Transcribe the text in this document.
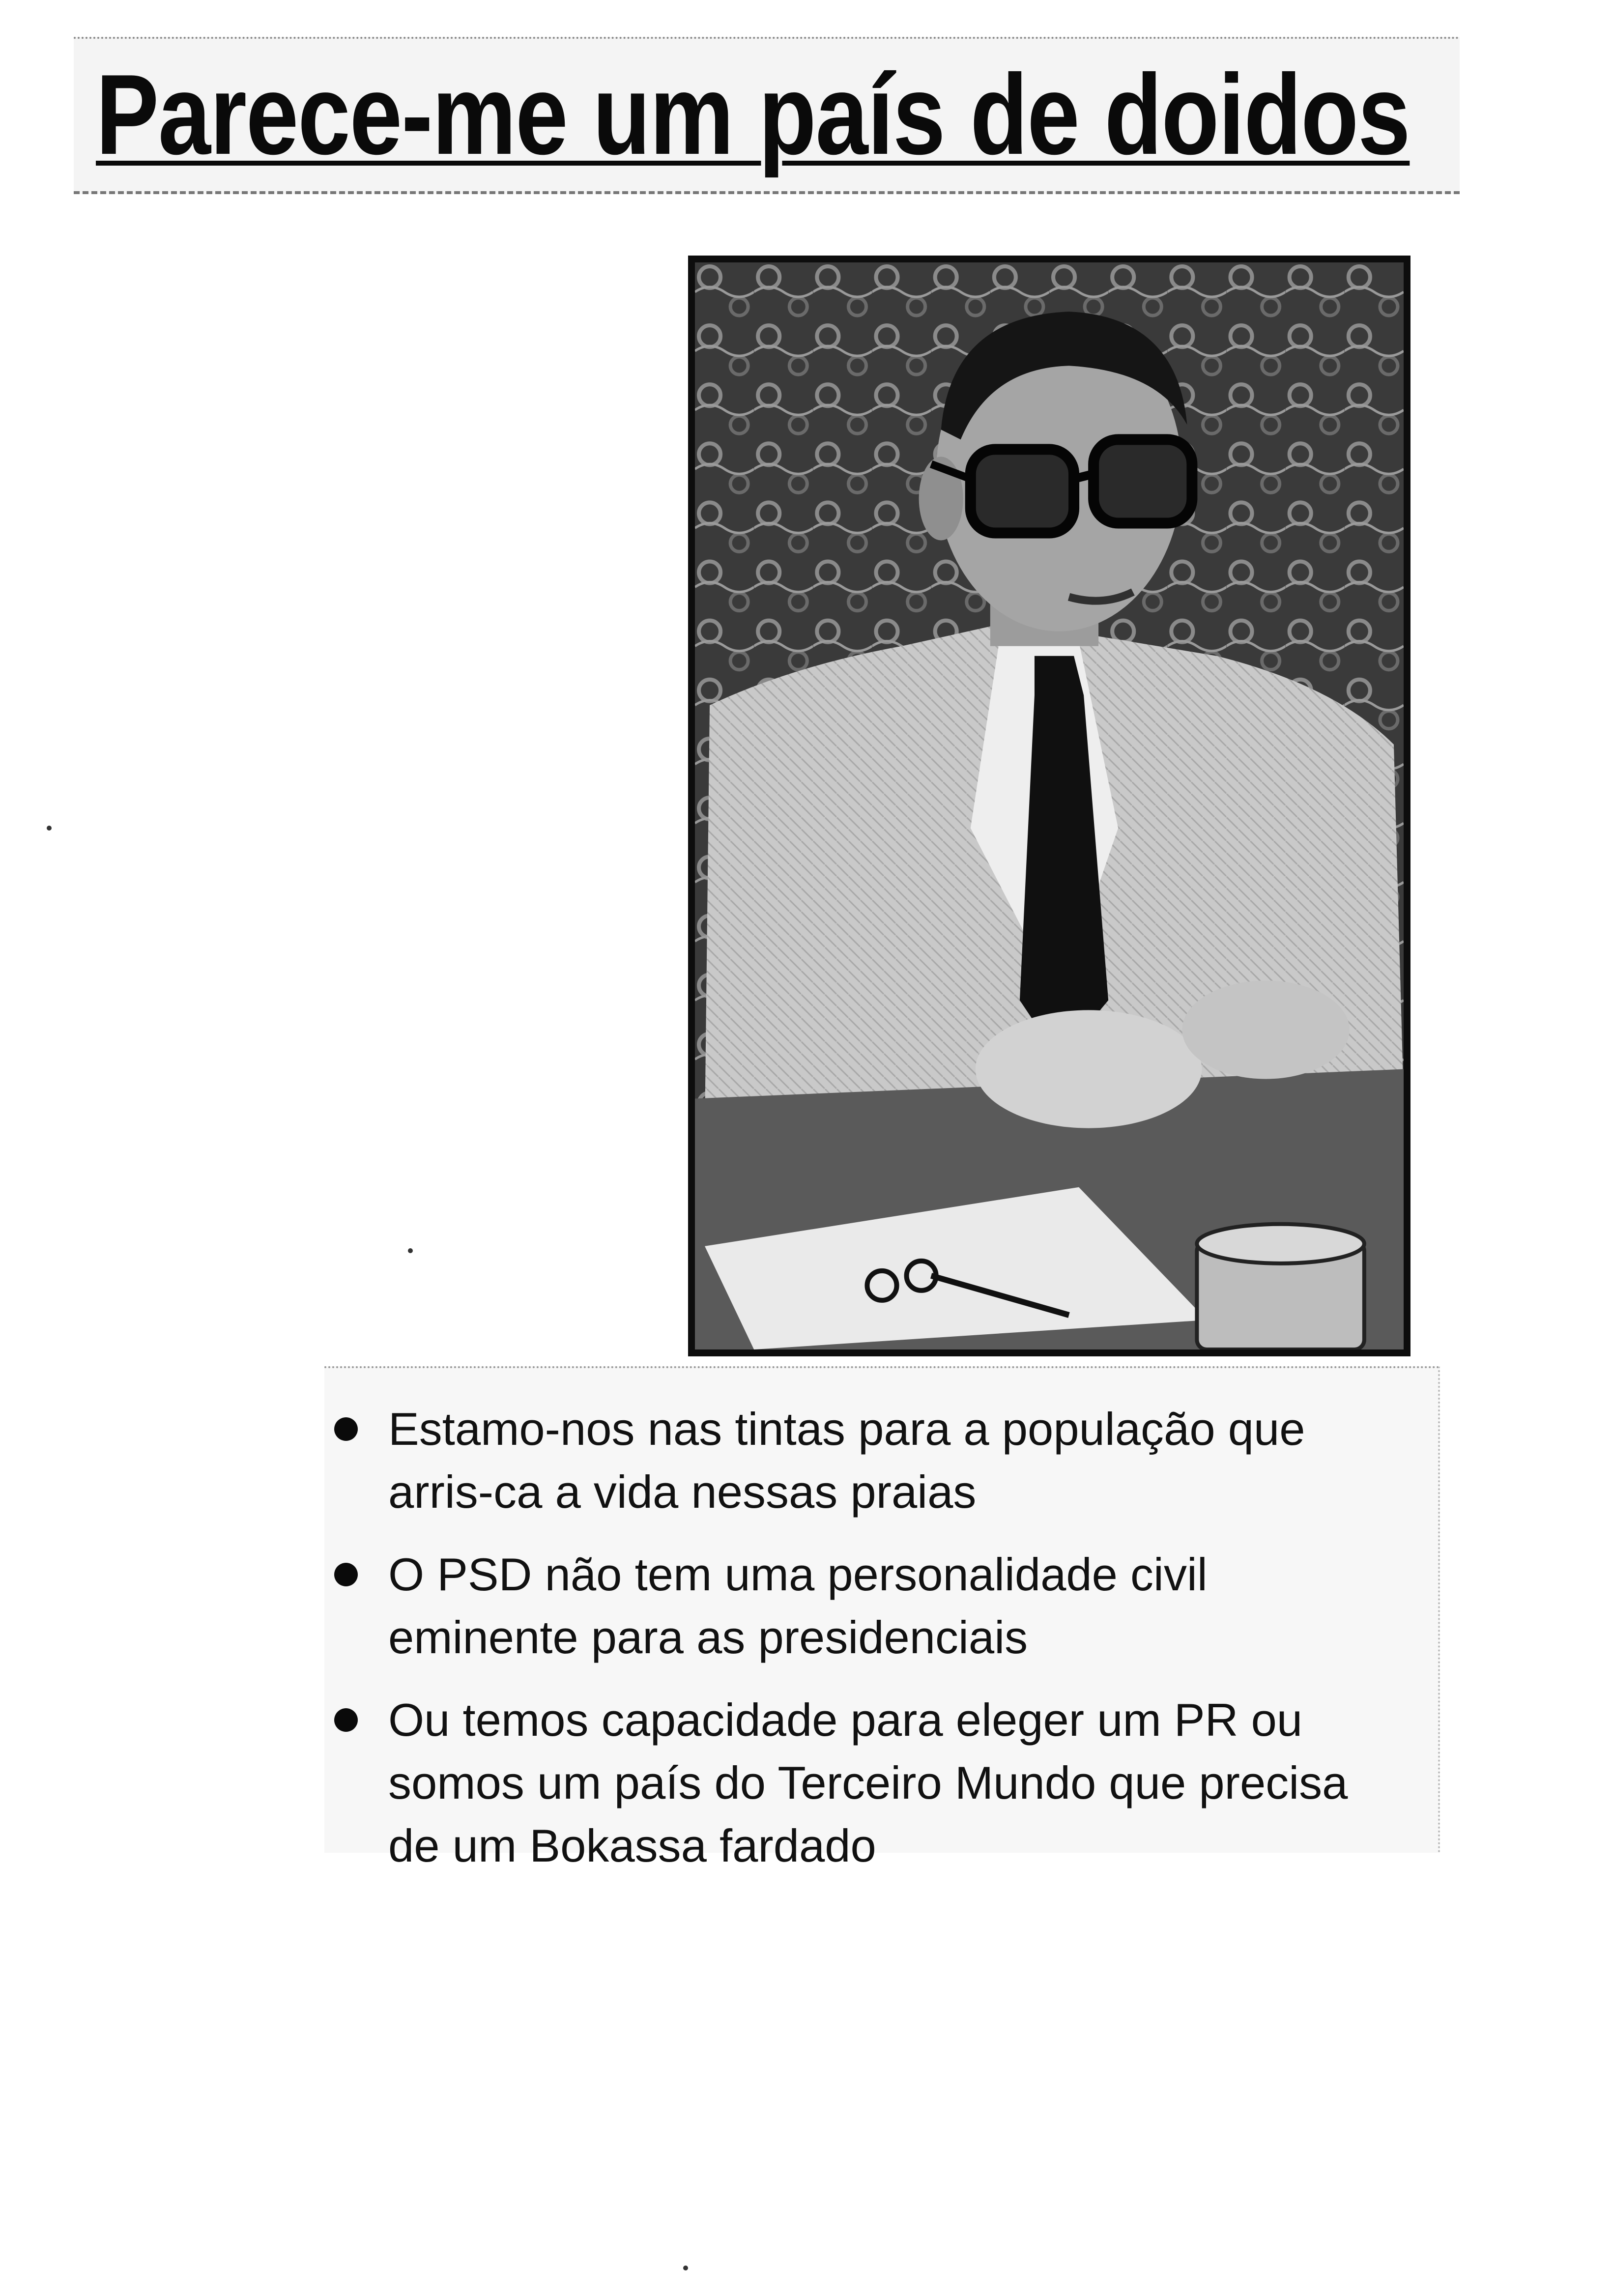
Parece-me um país de doidos
Estamo-nos nas tintas para a população que arris-ca a vida nessas praias
O PSD não tem uma personalidade civil eminente para as presidenciais
Ou temos capacidade para eleger um PR ou somos um país do Terceiro Mundo que precisa de um Bokassa fardado
